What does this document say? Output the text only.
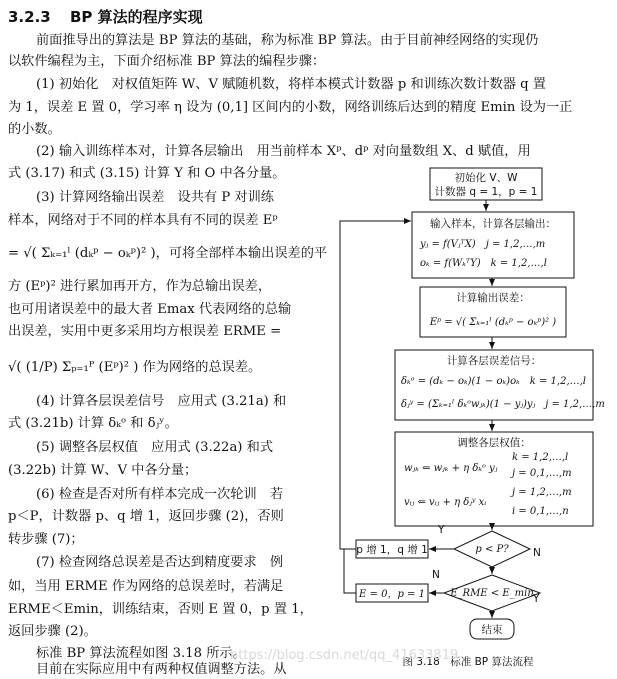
3.2.3 BP 算法的程序实现
前面推导出的算法是 BP 算法的基础，称为标准 BP 算法。由于目前神经网络的实现仍
以软件编程为主，下面介绍标准 BP 算法的编程步骤：
(1) 初始化　对权值矩阵 W、V 赋随机数，将样本模式计数器 p 和训练次数计数器 q 置
为 1，误差 E 置 0，学习率 η 设为 (0,1] 区间内的小数，网络训练后达到的精度 Emin 设为一正
的小数。
(2) 输入训练样本对，计算各层输出　用当前样本 Xᵖ、dᵖ 对向量数组 X、d 赋值，用
式 (3.17) 和式 (3.15) 计算 Y 和 O 中各分量。
(3) 计算网络输出误差　设共有 P 对训练
样本，网络对于不同的样本具有不同的误差 Eᵖ
= √( Σₖ₌₁ˡ (dₖᵖ − oₖᵖ)² )，可将全部样本输出误差的平
方 (Eᵖ)² 进行累加再开方，作为总输出误差，
也可用诸误差中的最大者 Emax 代表网络的总输
出误差，实用中更多采用均方根误差 ERME =
√( (1/P) Σₚ₌₁ᴾ (Eᵖ)² ) 作为网络的总误差。
(4) 计算各层误差信号　应用式 (3.21a) 和
式 (3.21b) 计算 δₖᵒ 和 δⱼʸ。
(5) 调整各层权值　应用式 (3.22a) 和式
(3.22b) 计算 W、V 中各分量；
(6) 检查是否对所有样本完成一次轮训　若
p＜P，计数器 p、q 增 1，返回步骤 (2)，否则
转步骤 (7)；
(7) 检查网络总误差是否达到精度要求　例
如，当用 ERME 作为网络的总误差时，若满足
ERME＜Emin，训练结束，否则 E 置 0，p 置 1，
返回步骤 (2)。
标准 BP 算法流程如图 3.18 所示。
目前在实际应用中有两种权值调整方法。从
初始化 V、W
计数器 q = 1，p = 1
输入样本，计算各层输出：
yⱼ = f(VⱼᵀX)　j = 1,2,…,m
oₖ = f(WₖᵀY)　k = 1,2,…,l
计算输出误差：
Eᵖ = √( Σₖ₌₁ˡ (dₖᵖ − oₖᵖ)² )
计算各层误差信号：
δₖᵒ = (dₖ − oₖ)(1 − oₖ)oₖ　k = 1,2,…,l
δⱼʸ = (Σₖ₌₁ˡ δₖᵒwⱼₖ)(1 − yⱼ)yⱼ　j = 1,2,…,m
调整各层权值：
wⱼₖ ⇐ wⱼₖ + η δₖᵒ yⱼ
k = 1,2,…,l
j = 0,1,…,m
vᵢⱼ ⇐ vᵢⱼ + η δⱼʸ xᵢ
j = 1,2,…,m
i = 0,1,…,n
p < P?
p 增 1，q 增 1
E_RME < E_min
E = 0，p = 1
结束
Y
N
N
Y
图 3.18　标准 BP 算法流程
https://blog.csdn.net/qq_41633819
